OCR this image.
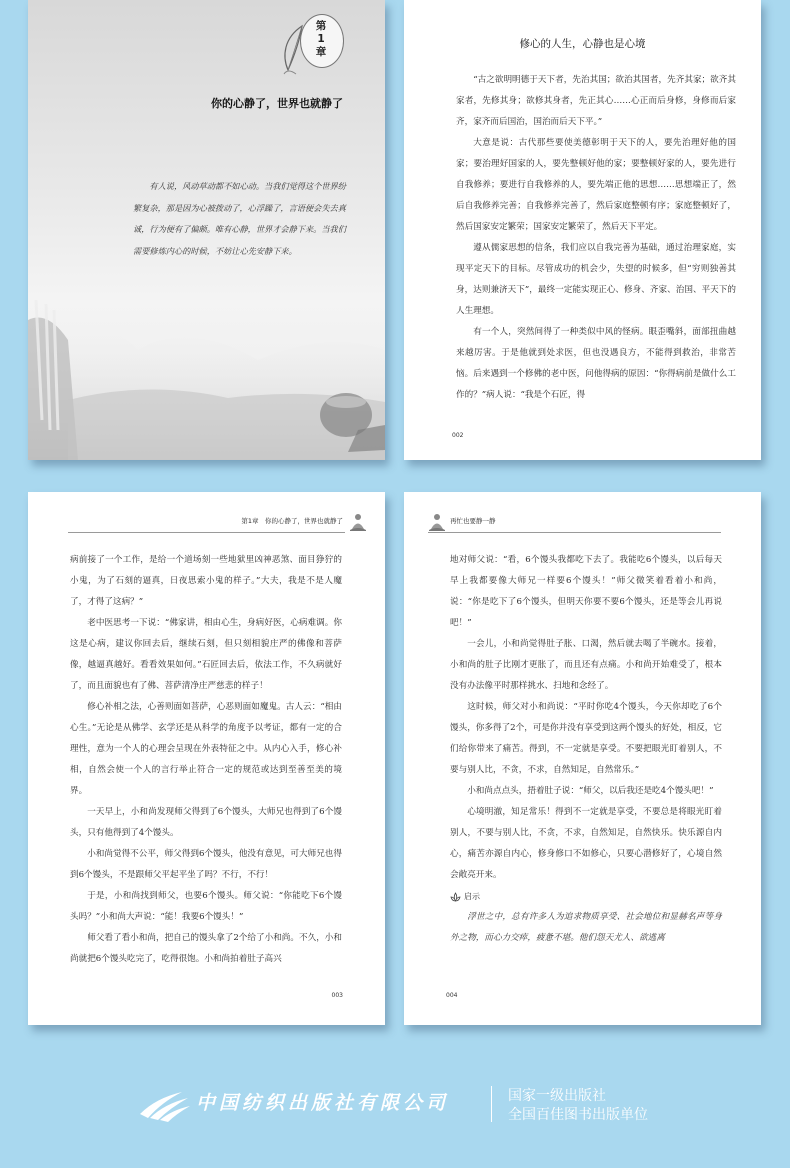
第
1
章
你的心静了，世界也就静了
有人说，风动草动都不如心动。当我们觉得这个世界纷繁复杂，那是因为心被拨动了，心浮躁了，言语便会失去真诚，行为便有了偏颇。唯有心静，世界才会静下来。当我们需要修炼内心的时候，不妨让心先安静下来。
修心的人生，心静也是心境

“古之欲明明德于天下者，先治其国；欲治其国者，先齐其家；欲齐其家者，先修其身；欲修其身者，先正其心……心正而后身修，身修而后家齐，家齐而后国治，国治而后天下平。”

大意是说：古代那些要使美德彰明于天下的人，要先治理好他的国家；要治理好国家的人，要先整顿好他的家；要整顿好家的人，要先进行自我修养；要进行自我修养的人，要先端正他的思想……思想端正了，然后自我修养完善；自我修养完善了，然后家庭整顿有序；家庭整顿好了，然后国家安定繁荣；国家安定繁荣了，然后天下平定。

遵从儒家思想的信条，我们应以自我完善为基础，通过治理家庭，实现平定天下的目标。尽管成功的机会少，失望的时候多，但“穷则独善其身，达则兼济天下”，最终一定能实现正心、修身、齐家、治国、平天下的人生理想。

有一个人，突然间得了一种类似中风的怪病。眼歪嘴斜，面部扭曲越来越厉害。于是他就到处求医，但也没遇良方，不能得到救治，非常苦恼。后来遇到一个修佛的老中医，问他得病的原因：“你得病前是做什么工作的？”病人说：“我是个石匠，得

002
第1章　你的心静了，世界也就静了

病前接了一个工作，是给一个道场刻一些地狱里凶神恶煞、面目狰狞的小鬼，为了石刻的逼真，日夜思索小鬼的样子。”大夫，我是不是人魔了，才得了这病？”

老中医思考一下说：“佛家讲，相由心生，身病好医，心病难调。你这是心病，建议你回去后，继续石刻，但只刻相貌庄严的佛像和菩萨像，越逼真越好。看看效果如何。”石匠回去后，依法工作，不久病就好了，而且面貌也有了佛、菩萨清净庄严慈悲的样子！

修心补相之法，心善则面如菩萨，心恶则面如魔鬼。古人云：“相由心生。”无论是从佛学、玄学还是从科学的角度予以考证，都有一定的合理性，意为一个人的心理会呈现在外表特征之中。从内心入手，修心补相，自然会使一个人的言行举止符合一定的规范或达到至善至美的境界。

一天早上，小和尚发现师父得到了6个馒头，大师兄也得到了6个馒头，只有他得到了4个馒头。

小和尚觉得不公平，师父得到6个馒头，他没有意见，可大师兄也得到6个馒头，不是跟师父平起平坐了吗？不行，不行！

于是，小和尚找到师父，也要6个馒头。师父说：“你能吃下6个馒头吗？”小和尚大声说：“能！我要6个馒头！”

师父看了看小和尚，把自己的馒头拿了2个给了小和尚。不久，小和尚就把6个馒头吃完了，吃得很饱。小和尚拍着肚子高兴

003
再忙也要静一静

地对师父说：“看，6个馒头我都吃下去了。我能吃6个馒头，以后每天早上我都要像大师兄一样要6个馒头！”师父微笑着看着小和尚，说：“你是吃下了6个馒头，但明天你要不要6个馒头，还是等会儿再说吧！”

一会儿，小和尚觉得肚子胀、口渴，然后就去喝了半碗水。接着，小和尚的肚子比刚才更胀了，而且还有点痛。小和尚开始难受了，根本没有办法像平时那样挑水、扫地和念经了。

这时候，师父对小和尚说：“平时你吃4个馒头，今天你却吃了6个馒头，你多得了2个，可是你并没有享受到这两个馒头的好处，相反，它们给你带来了痛苦。得到，不一定就是享受。不要把眼光盯着别人，不要与别人比，不贪，不求，自然知足，自然常乐。”

小和尚点点头，捂着肚子说：“师父，以后我还是吃4个馒头吧！”

心境明澈，知足常乐！得到不一定就是享受，不要总是将眼光盯着别人，不要与别人比，不贪，不求，自然知足，自然快乐。快乐源自内心，痛苦亦源自内心，修身修口不如修心，只要心潜修好了，心境自然会敞亮开来。

启示

浮世之中，总有许多人为追求物质享受、社会地位和显赫名声等身外之物，而心力交瘁，疲惫不堪。他们怨天尤人、欲逃离

004
中国纺织出版社有限公司	国家一级出版社
全国百佳图书出版单位
